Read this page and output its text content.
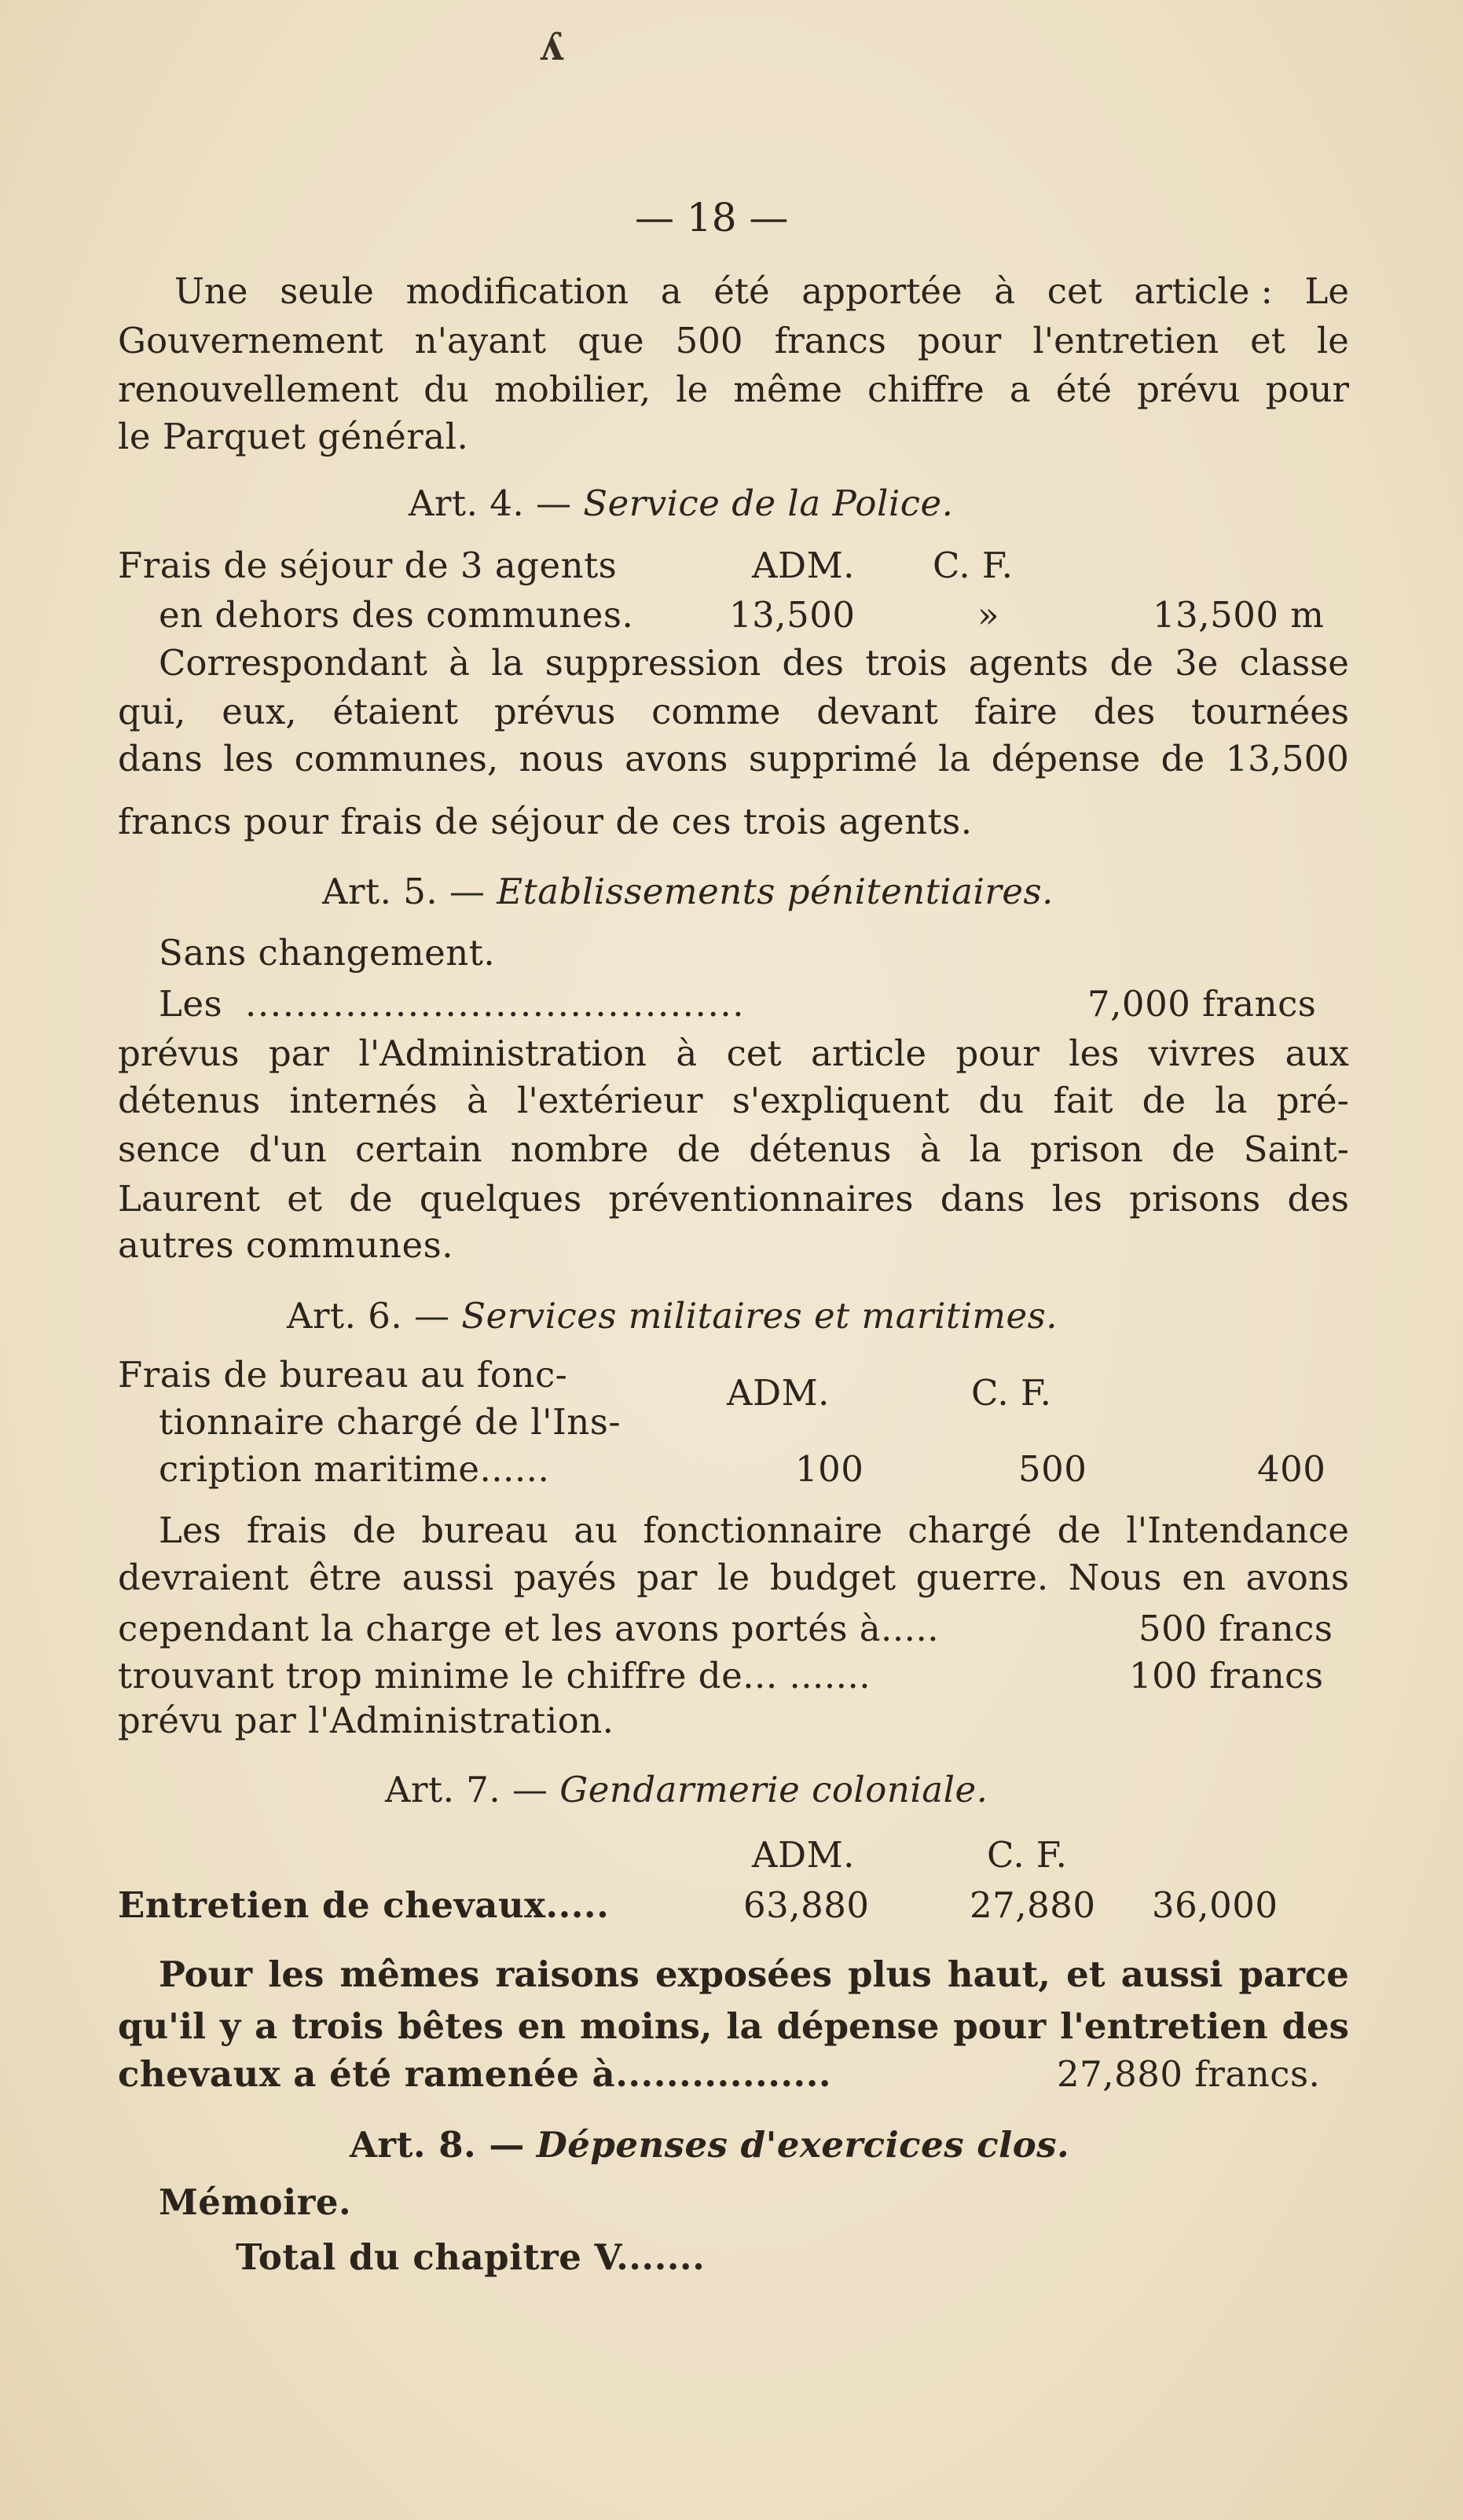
ʎ
— 18 —
Une seule modification a été apportée à cet article : Le
Gouvernement n'ayant que 500 francs pour l'entretien et le
renouvellement du mobilier, le même chiffre a été prévu pour
le Parquet général.
Art. 4. — Service de la Police.
Frais de séjour de 3 agents	ADM. C. F.
en dehors des communes.	13,500	»	13,500 m
Correspondant à la suppression des trois agents de 3e classe
qui, eux, étaient prévus comme devant faire des tournées
dans les communes, nous avons supprimé la dépense de 13,500
francs pour frais de séjour de ces trois agents.
Art. 5. — Etablissements pénitentiaires.
Sans changement.
Les ........................................	7,000 francs
prévus par l'Administration à cet article pour les vivres aux
détenus internés à l'extérieur s'expliquent du fait de la pré-
sence d'un certain nombre de détenus à la prison de Saint-
Laurent et de quelques préventionnaires dans les prisons des
autres communes.
Art. 6. — Services militaires et maritimes.
Frais de bureau au fonc-
tionnaire chargé de l'Ins-
cription maritime......
ADM.	C. F.
100	500	400
Les frais de bureau au fonctionnaire chargé de l'Intendance
devraient être aussi payés par le budget guerre. Nous en avons
cependant la charge et les avons portés à.....	500 francs
trouvant trop minime le chiffre de... .......	100 francs
prévu par l'Administration.
Art. 7. — Gendarmerie coloniale.
ADM.	C. F.
Entretien de chevaux.....	63,880	27,880 36,000
Pour les mêmes raisons exposées plus haut, et aussi parce
qu'il y a trois bêtes en moins, la dépense pour l'entretien des
chevaux a été ramenée à.................	27,880 francs.
Art. 8. — Dépenses d'exercices clos.
Mémoire.
Total du chapitre V.......
